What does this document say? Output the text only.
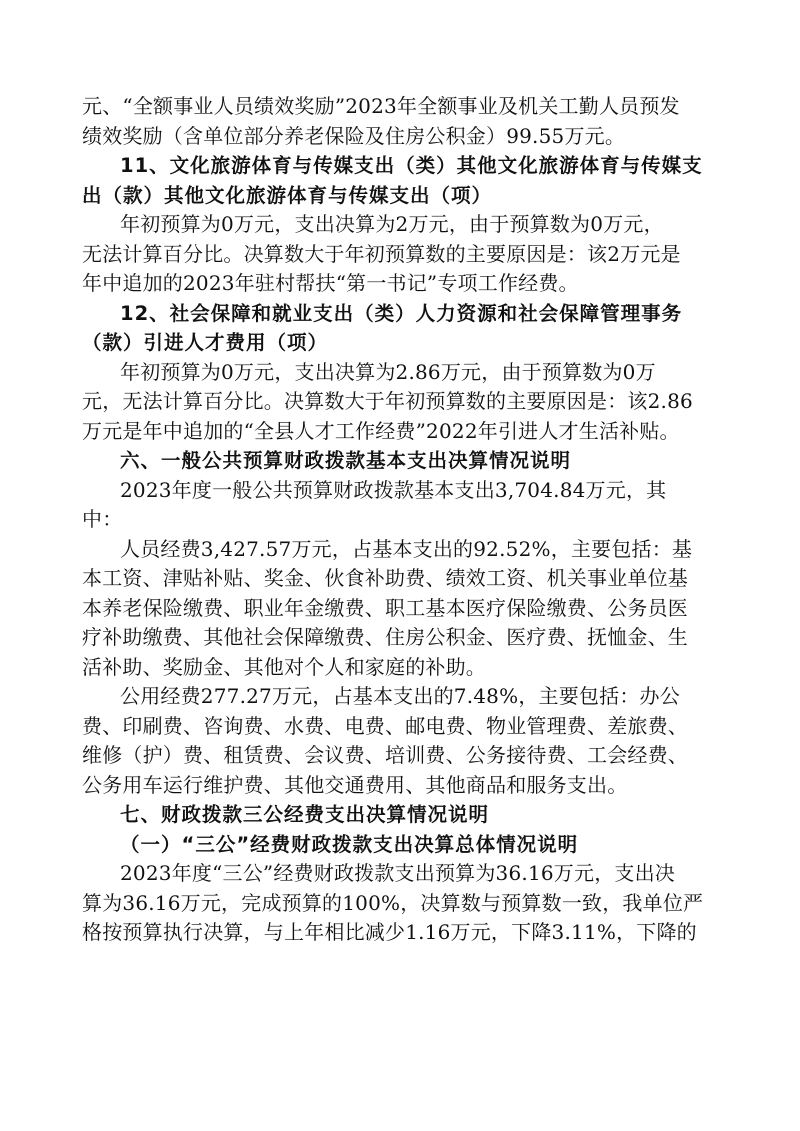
元、“全额事业人员绩效奖励”2023年全额事业及机关工勤人员预发
绩效奖励（含单位部分养老保险及住房公积金）99.55万元。
11、文化旅游体育与传媒支出（类）其他文化旅游体育与传媒支
出（款）其他文化旅游体育与传媒支出（项）
年初预算为0万元，支出决算为2万元，由于预算数为0万元，
无法计算百分比。决算数大于年初预算数的主要原因是：该2万元是
年中追加的2023年驻村帮扶“第一书记”专项工作经费。
12、社会保障和就业支出（类）人力资源和社会保障管理事务
（款）引进人才费用（项）
年初预算为0万元，支出决算为2.86万元，由于预算数为0万
元，无法计算百分比。决算数大于年初预算数的主要原因是：该2.86
万元是年中追加的“全县人才工作经费”2022年引进人才生活补贴。
六、一般公共预算财政拨款基本支出决算情况说明
2023年度一般公共预算财政拨款基本支出3,704.84万元，其
中：
人员经费3,427.57万元，占基本支出的92.52%，主要包括：基
本工资、津贴补贴、奖金、伙食补助费、绩效工资、机关事业单位基
本养老保险缴费、职业年金缴费、职工基本医疗保险缴费、公务员医
疗补助缴费、其他社会保障缴费、住房公积金、医疗费、抚恤金、生
活补助、奖励金、其他对个人和家庭的补助。
公用经费277.27万元，占基本支出的7.48%，主要包括：办公
费、印刷费、咨询费、水费、电费、邮电费、物业管理费、差旅费、
维修（护）费、租赁费、会议费、培训费、公务接待费、工会经费、
公务用车运行维护费、其他交通费用、其他商品和服务支出。
七、财政拨款三公经费支出决算情况说明
（一）“三公”经费财政拨款支出决算总体情况说明
2023年度“三公”经费财政拨款支出预算为36.16万元，支出决
算为36.16万元，完成预算的100%，决算数与预算数一致，我单位严
格按预算执行决算，与上年相比减少1.16万元，下降3.11%，下降的
